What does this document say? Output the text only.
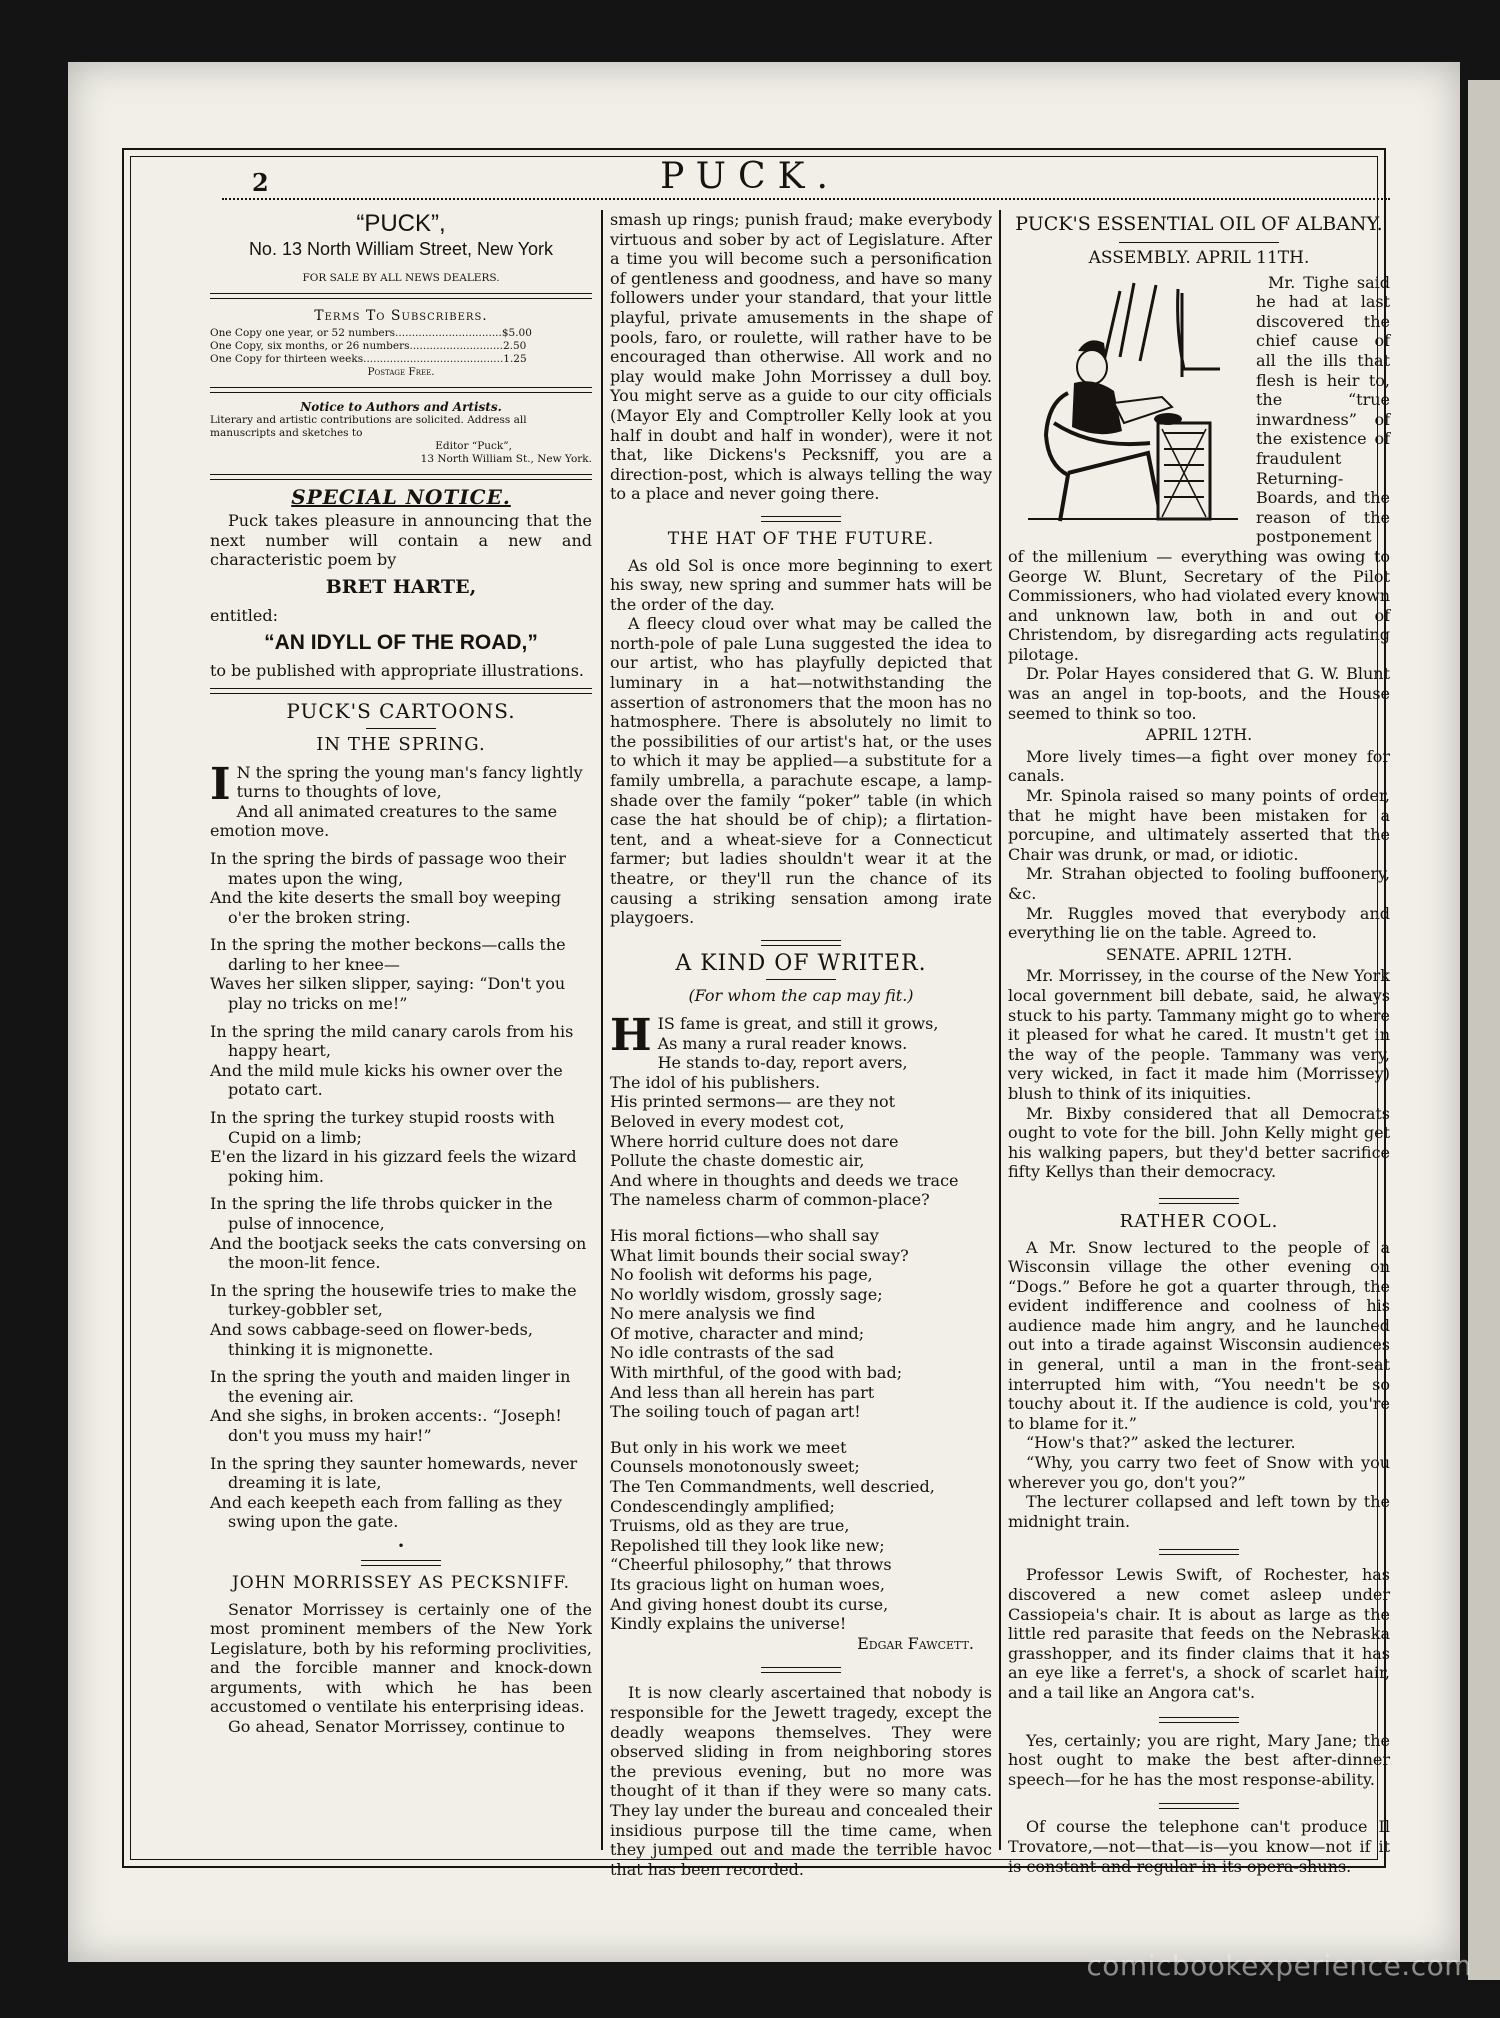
2	PUCK.
“PUCK”,
No. 13 North William Street, New York
FOR SALE BY ALL NEWS DEALERS.
Terms To Subscribers.
One Copy one year, or 52 numbers................................$5.00
One Copy, six months, or 26 numbers............................2.50
One Copy for thirteen weeks..........................................1.25
Postage Free.
Notice to Authors and Artists.
Literary and artistic contributions are solicited. Address all manuscripts and sketches to
Editor “Puck”,
13 North William St., New York.
SPECIAL NOTICE.

Puck takes pleasure in announcing that the next number will contain a new and characteristic poem by

BRET HARTE,
entitled:
“AN IDYLL OF THE ROAD,”
to be published with appropriate illustrations.
PUCK'S CARTOONS.
IN THE SPRING.
I N the spring the young man's fancy lightly turns to thoughts of love,
And all animated creatures to the same emotion move.
In the spring the birds of passage woo their mates upon the wing,
And the kite deserts the small boy weeping o'er the broken string.
In the spring the mother beckons—calls the darling to her knee—
Waves her silken slipper, saying: “Don't you play no tricks on me!”
In the spring the mild canary carols from his happy heart,
And the mild mule kicks his owner over the potato cart.
In the spring the turkey stupid roosts with Cupid on a limb;
E'en the lizard in his gizzard feels the wizard poking him.
In the spring the life throbs quicker in the pulse of innocence,
And the bootjack seeks the cats conversing on the moon-lit fence.
In the spring the housewife tries to make the turkey-gobbler set,
And sows cabbage-seed on flower-beds, thinking it is mignonette.
In the spring the youth and maiden linger in the evening air.
And she sighs, in broken accents:. “Joseph! don't you muss my hair!”
In the spring they saunter homewards, never dreaming it is late,
And each keepeth each from falling as they swing upon the gate.
•
JOHN MORRISSEY AS PECKSNIFF.

Senator Morrissey is certainly one of the most prominent members of the New York Legislature, both by his reforming proclivities, and the forcible manner and knock-down arguments, with which he has been accustomed o ventilate his enterprising ideas.

Go ahead, Senator Morrissey, continue to

smash up rings; punish fraud; make everybody virtuous and sober by act of Legislature. After a time you will become such a personification of gentleness and goodness, and have so many followers under your standard, that your little playful, private amusements in the shape of pools, faro, or roulette, will rather have to be encouraged than otherwise. All work and no play would make John Morrissey a dull boy. You might serve as a guide to our city officials (Mayor Ely and Comptroller Kelly look at you half in doubt and half in wonder), were it not that, like Dickens's Pecksniff, you are a direction-post, which is always telling the way to a place and never going there.
THE HAT OF THE FUTURE.

As old Sol is once more beginning to exert his sway, new spring and summer hats will be the order of the day.

A fleecy cloud over what may be called the north-pole of pale Luna suggested the idea to our artist, who has playfully depicted that luminary in a hat—notwithstanding the assertion of astronomers that the moon has no hatmosphere. There is absolutely no limit to the possibilities of our artist's hat, or the uses to which it may be applied—a substitute for a family umbrella, a parachute escape, a lamp-shade over the family “poker” table (in which case the hat should be of chip); a flirtation-tent, and a wheat-sieve for a Connecticut farmer; but ladies shouldn't wear it at the theatre, or they'll run the chance of its causing a striking sensation among irate playgoers.

A KIND OF WRITER.
(For whom the cap may fit.)
H IS fame is great, and still it grows,
As many a rural reader knows.
He stands to-day, report avers,
The idol of his publishers.
His printed sermons— are they not
Beloved in every modest cot,
Where horrid culture does not dare
Pollute the chaste domestic air,
And where in thoughts and deeds we trace
The nameless charm of common-place?
His moral fictions—who shall say
What limit bounds their social sway?
No foolish wit deforms his page,
No worldly wisdom, grossly sage;
No mere analysis we find
Of motive, character and mind;
No idle contrasts of the sad
With mirthful, of the good with bad;
And less than all herein has part
The soiling touch of pagan art!
But only in his work we meet
Counsels monotonously sweet;
The Ten Commandments, well descried,
Condescendingly amplified;
Truisms, old as they are true,
Repolished till they look like new;
“Cheerful philosophy,” that throws
Its gracious light on human woes,
And giving honest doubt its curse,
Kindly explains the universe!
Edgar Fawcett.

It is now clearly ascertained that nobody is responsible for the Jewett tragedy, except the deadly weapons themselves. They were observed sliding in from neighboring stores the previous evening, but no more was thought of it than if they were so many cats. They lay under the bureau and concealed their insidious purpose till the time came, when they jumped out and made the terrible havoc that has been recorded.

PUCK'S ESSENTIAL OIL OF ALBANY.
ASSEMBLY. APRIL 11TH.

Mr. Tighe said he had at last discovered the chief cause of all the ills that flesh is heir to, the “true inwardness” of the existence of fraudulent Returning-Boards, and the reason of the postponement of the millenium — everything was owing to George W. Blunt, Secretary of the Pilot Commissioners, who had violated every known and unknown law, both in and out of Christendom, by disregarding acts regulating pilotage.

Dr. Polar Hayes considered that G. W. Blunt was an angel in top-boots, and the House seemed to think so too.

APRIL 12TH.

More lively times—a fight over money for canals.

Mr. Spinola raised so many points of order, that he might have been mistaken for a porcupine, and ultimately asserted that the Chair was drunk, or mad, or idiotic.

Mr. Strahan objected to fooling buffoonery, &c.

Mr. Ruggles moved that everybody and everything lie on the table. Agreed to.

SENATE. APRIL 12TH.

Mr. Morrissey, in the course of the New York local government bill debate, said, he always stuck to his party. Tammany might go to where it pleased for what he cared. It mustn't get in the way of the people. Tammany was very, very wicked, in fact it made him (Morrissey) blush to think of its iniquities.

Mr. Bixby considered that all Democrats ought to vote for the bill. John Kelly might get his walking papers, but they'd better sacrifice fifty Kellys than their democracy.

RATHER COOL.

A Mr. Snow lectured to the people of a Wisconsin village the other evening on “Dogs.” Before he got a quarter through, the evident indifference and coolness of his audience made him angry, and he launched out into a tirade against Wisconsin audiences in general, until a man in the front-seat interrupted him with, “You needn't be so touchy about it. If the audience is cold, you're to blame for it.”

“How's that?” asked the lecturer.

“Why, you carry two feet of Snow with you wherever you go, don't you?”

The lecturer collapsed and left town by the midnight train.

Professor Lewis Swift, of Rochester, has discovered a new comet asleep under Cassiopeia's chair. It is about as large as the little red parasite that feeds on the Nebraska grasshopper, and its finder claims that it has an eye like a ferret's, a shock of scarlet hair, and a tail like an Angora cat's.

Yes, certainly; you are right, Mary Jane; the host ought to make the best after-dinner speech—for he has the most response-ability.

Of course the telephone can't produce Il Trovatore,—not—that—is—you know—not if it is constant and regular in its opera-shuns.

comicbookexperience.com
